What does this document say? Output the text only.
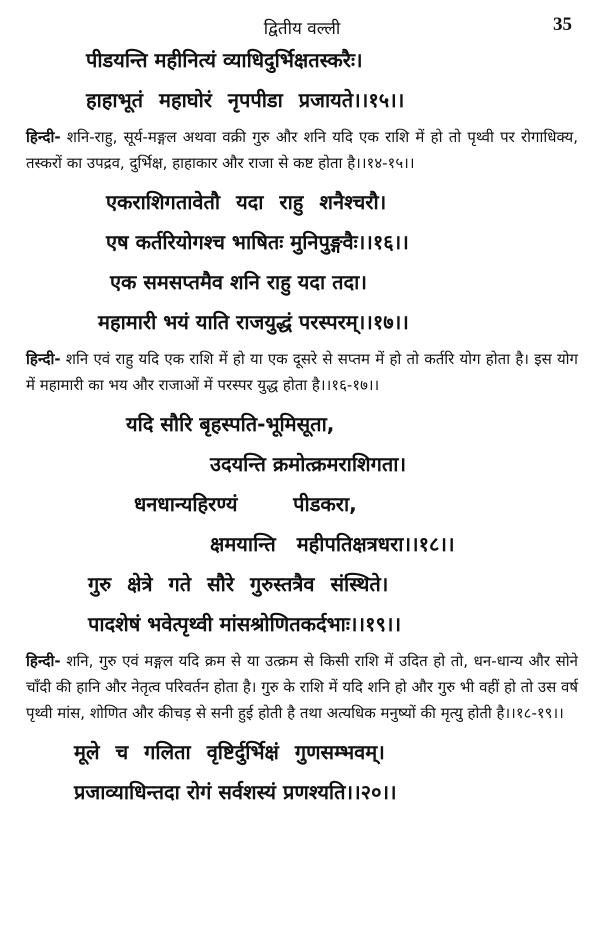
द्वितीय वल्ली	35
पीडयन्ति महीनित्यं व्याधिदुर्भिक्षतस्करैः।
हाहाभूतं महाघोरं नृपपीडा प्रजायते।।१५।।

हिन्दी- शनि-राहु, सूर्य-मङ्गल अथवा वक्री गुरु और शनि यदि एक राशि में हो तो पृथ्वी पर रोगाधिक्य, तस्करों का उपद्रव, दुर्भिक्ष, हाहाकार और राजा से कष्ट होता है।।१४-१५।।

एकराशिगतावेतौ यदा राहु शनैश्चरौ।
एष कर्तरियोगश्च भाषितः मुनिपुङ्गवैः।।१६।।
एक समसप्तमैव शनि राहु यदा तदा।
महामारी भयं याति राजयुद्धं परस्परम्।।१७।।

हिन्दी- शनि एवं राहु यदि एक राशि में हो या एक दूसरे से सप्तम में हो तो कर्तरि योग होता है। इस योग में महामारी का भय और राजाओं में परस्पर युद्ध होता है।।१६-१७।।

यदि सौरि बृहस्पति-भूमिसूता,
उदयन्ति क्रमोत्क्रमराशिगता।
धनधान्यहिरण्यं        पीडकरा,
क्षमयान्ति   महीपतिक्षत्रधरा।।१८।।
गुरु क्षेत्रे गते सौरे गुरुस्तत्रैव संस्थिते।
पादशेषं भवेत्पृथ्वी मांसश्रोणितकर्दभाः।।१९।।

हिन्दी- शनि, गुरु एवं मङ्गल यदि क्रम से या उत्क्रम से किसी राशि में उदित हो तो, धन-धान्य और सोने चाँदी की हानि और नेतृत्व परिवर्तन होता है। गुरु के राशि में यदि शनि हो और गुरु भी वहीं हो तो उस वर्ष पृथ्वी मांस, शोणित और कीचड़ से सनी हुई होती है तथा अत्यधिक मनुष्यों की मृत्यु होती है।।१८-१९।।

मूले च गलिता वृष्टिर्दुर्भिक्षं गुणसम्भवम्।
प्रजाव्याधिन्तदा रोगं सर्वशस्यं प्रणश्यति।।२०।।
